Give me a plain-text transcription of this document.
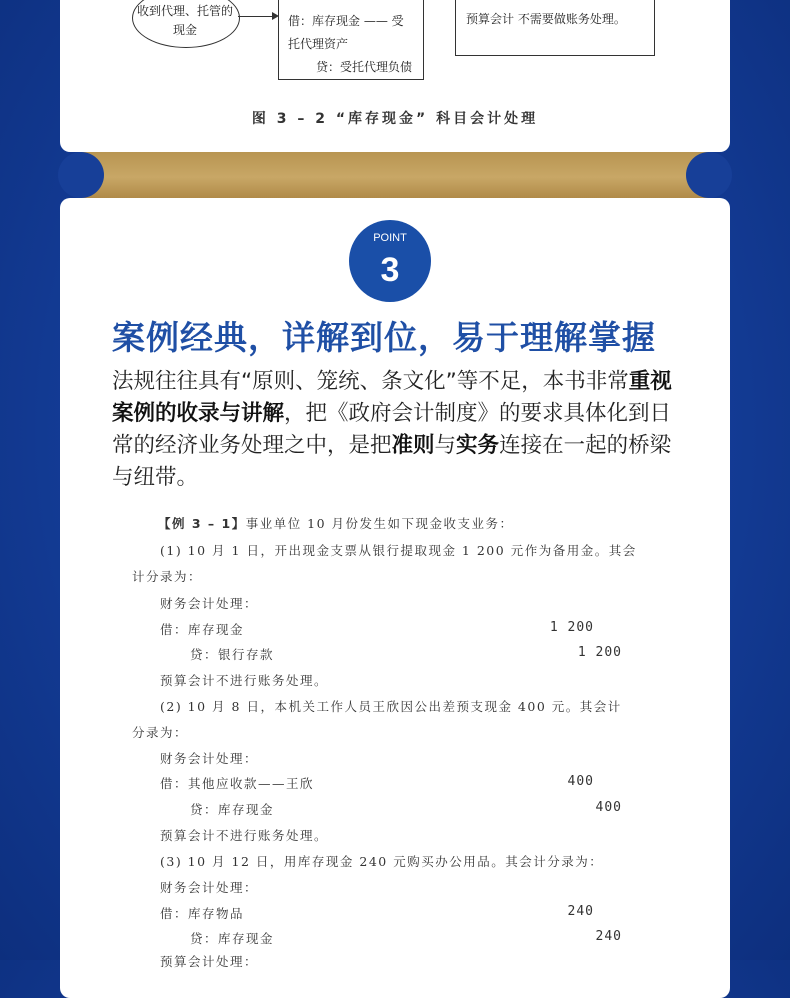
收到代理、托管的现金
借：库存现金 —— 受
托代理资产
贷：受托代理负债
预算会计 不需要做账务处理。
图 3 – 2 “库存现金” 科目会计处理
POINT
3
案例经典，详解到位，易于理解掌握
法规往往具有“原则、笼统、条文化”等不足，本书非常重视案例的收录与讲解，把《政府会计制度》的要求具体化到日常的经济业务处理之中，是把准则与实务连接在一起的桥梁与纽带。
【例 3 – 1】事业单位 10 月份发生如下现金收支业务：
(1) 10 月 1 日，开出现金支票从银行提取现金 1 200 元作为备用金。其会
计分录为：
财务会计处理：
借：库存现金	1 200
贷：银行存款	1 200
预算会计不进行账务处理。
(2) 10 月 8 日，本机关工作人员王欣因公出差预支现金 400 元。其会计
分录为：
财务会计处理：
借：其他应收款——王欣	400
贷：库存现金	400
预算会计不进行账务处理。
(3) 10 月 12 日，用库存现金 240 元购买办公用品。其会计分录为：
财务会计处理：
借：库存物品	240
贷：库存现金	240
预算会计处理：
